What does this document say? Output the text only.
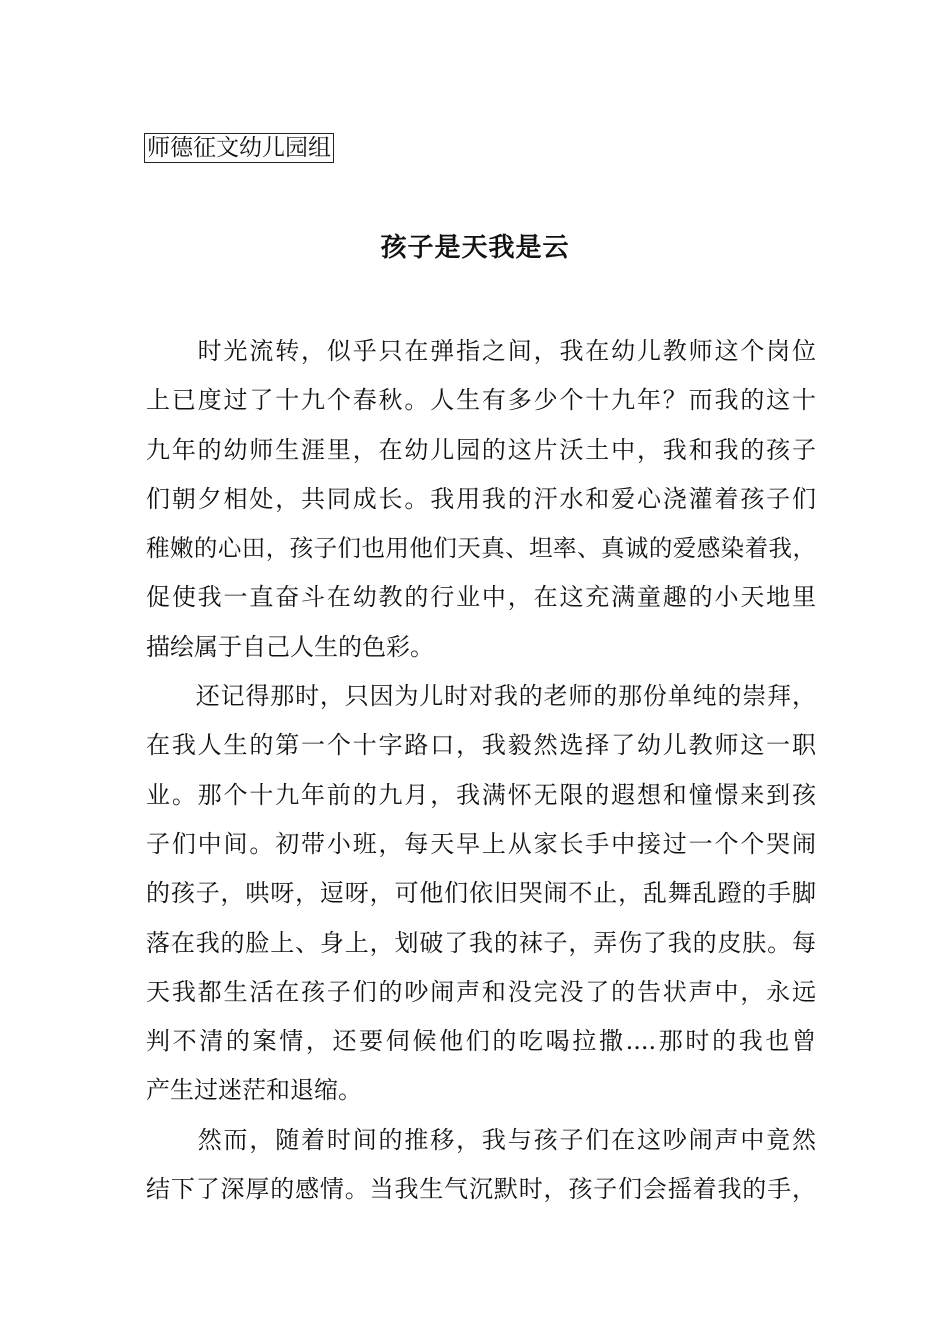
师德征文幼儿园组
孩子是天我是云
　　时光流转，似乎只在弹指之间，我在幼儿教师这个岗位
上已度过了十九个春秋。人生有多少个十九年？而我的这十
九年的幼师生涯里，在幼儿园的这片沃土中，我和我的孩子
们朝夕相处，共同成长。我用我的汗水和爱心浇灌着孩子们
稚嫩的心田，孩子们也用他们天真、坦率、真诚的爱感染着我，
促使我一直奋斗在幼教的行业中，在这充满童趣的小天地里
描绘属于自己人生的色彩。
　　还记得那时，只因为儿时对我的老师的那份单纯的崇拜，
在我人生的第一个十字路口，我毅然选择了幼儿教师这一职
业。那个十九年前的九月，我满怀无限的遐想和憧憬来到孩
子们中间。初带小班，每天早上从家长手中接过一个个哭闹
的孩子，哄呀，逗呀，可他们依旧哭闹不止，乱舞乱蹬的手脚
落在我的脸上、身上，划破了我的袜子，弄伤了我的皮肤。每
天我都生活在孩子们的吵闹声和没完没了的告状声中，永远
判不清的案情，还要伺候他们的吃喝拉撒....那时的我也曾
产生过迷茫和退缩。
　　然而，随着时间的推移，我与孩子们在这吵闹声中竟然
结下了深厚的感情。当我生气沉默时，孩子们会摇着我的手，
